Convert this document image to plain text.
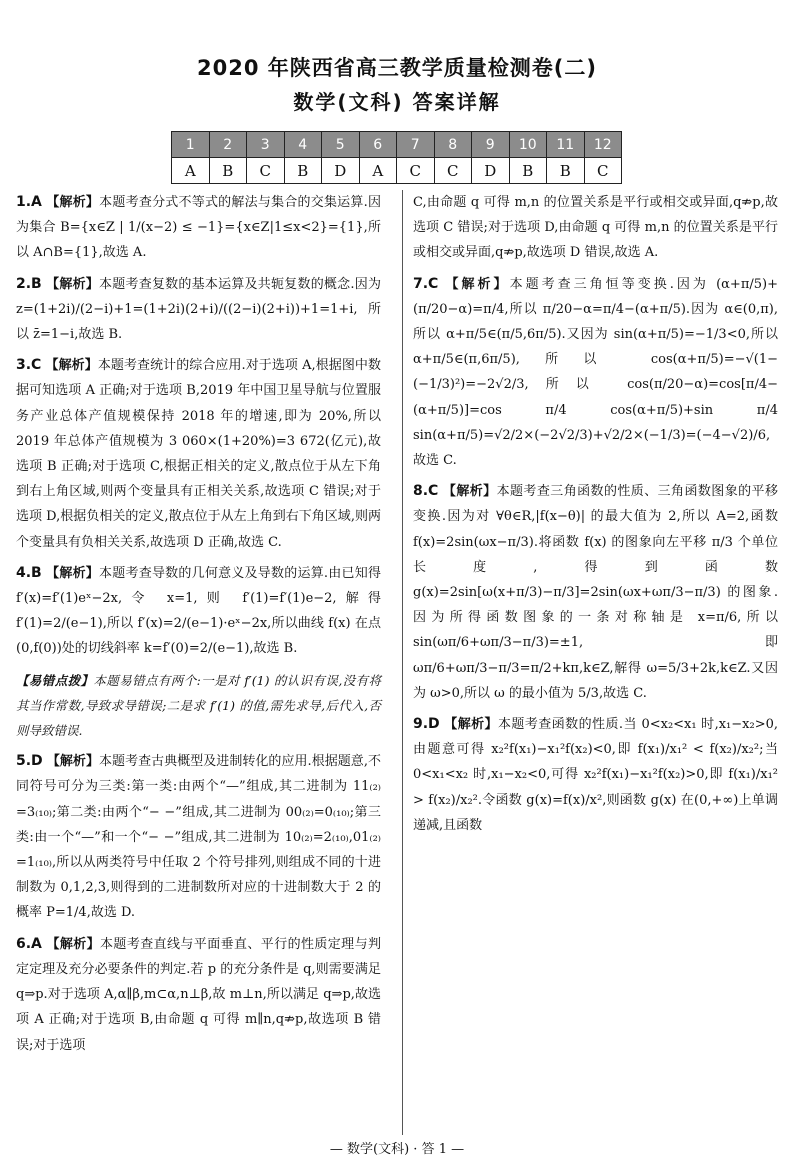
2020 年陕西省高三教学质量检测卷(二)
数学(文科) 答案详解
1	2	3	4	5	6	7	8	9	10	11	12
A	B	C	B	D	A	C	C	D	B	B	C
1.A 【解析】本题考查分式不等式的解法与集合的交集运算.因为集合 B={x∈Z | 1/(x−2) ≤ −1}={x∈Z|1≤x<2}={1},所以 A∩B={1},故选 A.
2.B 【解析】本题考查复数的基本运算及共轭复数的概念.因为 z=(1+2i)/(2−i)+1=(1+2i)(2+i)/((2−i)(2+i))+1=1+i,所以 z̄=1−i,故选 B.
3.C 【解析】本题考查统计的综合应用.对于选项 A,根据图中数据可知选项 A 正确;对于选项 B,2019 年中国卫星导航与位置服务产业总体产值规模保持 2018 年的增速,即为 20%,所以 2019 年总体产值规模为 3 060×(1+20%)=3 672(亿元),故选项 B 正确;对于选项 C,根据正相关的定义,散点位于从左下角到右上角区域,则两个变量具有正相关关系,故选项 C 错误;对于选项 D,根据负相关的定义,散点位于从左上角到右下角区域,则两个变量具有负相关关系,故选项 D 正确,故选 C.
4.B 【解析】本题考查导数的几何意义及导数的运算.由已知得 f′(x)=f′(1)eˣ−2x,令 x=1,则 f′(1)=f′(1)e−2,解得 f′(1)=2/(e−1),所以 f′(x)=2/(e−1)·eˣ−2x,所以曲线 f(x) 在点(0,f(0))处的切线斜率 k=f′(0)=2/(e−1),故选 B.
【易错点拨】本题易错点有两个:一是对 f′(1) 的认识有误,没有将其当作常数,导致求导错误;二是求 f′(1) 的值,需先求导,后代入,否则导致错误.
5.D 【解析】本题考查古典概型及进制转化的应用.根据题意,不同符号可分为三类:第一类:由两个“—”组成,其二进制为 11₍₂₎=3₍₁₀₎;第二类:由两个“− −”组成,其二进制为 00₍₂₎=0₍₁₀₎;第三类:由一个“—”和一个“− −”组成,其二进制为 10₍₂₎=2₍₁₀₎,01₍₂₎=1₍₁₀₎,所以从两类符号中任取 2 个符号排列,则组成不同的十进制数为 0,1,2,3,则得到的二进制数所对应的十进制数大于 2 的概率 P=1/4,故选 D.
6.A 【解析】本题考查直线与平面垂直、平行的性质定理与判定定理及充分必要条件的判定.若 p 的充分条件是 q,则需要满足 q⇒p.对于选项 A,α∥β,m⊂α,n⊥β,故 m⊥n,所以满足 q⇒p,故选项 A 正确;对于选项 B,由命题 q 可得 m∥n,q⇏p,故选项 B 错误;对于选项
C,由命题 q 可得 m,n 的位置关系是平行或相交或异面,q⇏p,故选项 C 错误;对于选项 D,由命题 q 可得 m,n 的位置关系是平行或相交或异面,q⇏p,故选项 D 错误,故选 A.
7.C 【解析】本题考查三角恒等变换.因为 (α+π/5)+(π/20−α)=π/4,所以 π/20−α=π/4−(α+π/5).因为 α∈(0,π),所以 α+π/5∈(π/5,6π/5).又因为 sin(α+π/5)=−1/3<0,所以 α+π/5∈(π,6π/5),所以 cos(α+π/5)=−√(1−(−1/3)²)=−2√2/3,所以 cos(π/20−α)=cos[π/4−(α+π/5)]=cos π/4 cos(α+π/5)+sin π/4 sin(α+π/5)=√2/2×(−2√2/3)+√2/2×(−1/3)=(−4−√2)/6,故选 C.
8.C 【解析】本题考查三角函数的性质、三角函数图象的平移变换.因为对 ∀θ∈R,|f(x−θ)| 的最大值为 2,所以 A=2,函数 f(x)=2sin(ωx−π/3).将函数 f(x) 的图象向左平移 π/3 个单位长度,得到函数 g(x)=2sin[ω(x+π/3)−π/3]=2sin(ωx+ωπ/3−π/3) 的图象.因为所得函数图象的一条对称轴是 x=π/6,所以 sin(ωπ/6+ωπ/3−π/3)=±1,即 ωπ/6+ωπ/3−π/3=π/2+kπ,k∈Z,解得 ω=5/3+2k,k∈Z.又因为 ω>0,所以 ω 的最小值为 5/3,故选 C.
9.D 【解析】本题考查函数的性质.当 0<x₂<x₁ 时,x₁−x₂>0,由题意可得 x₂²f(x₁)−x₁²f(x₂)<0,即 f(x₁)/x₁² < f(x₂)/x₂²;当 0<x₁<x₂ 时,x₁−x₂<0,可得 x₂²f(x₁)−x₁²f(x₂)>0,即 f(x₁)/x₁² > f(x₂)/x₂².令函数 g(x)=f(x)/x²,则函数 g(x) 在(0,+∞)上单调递减,且函数
— 数学(文科) · 答 1 —
